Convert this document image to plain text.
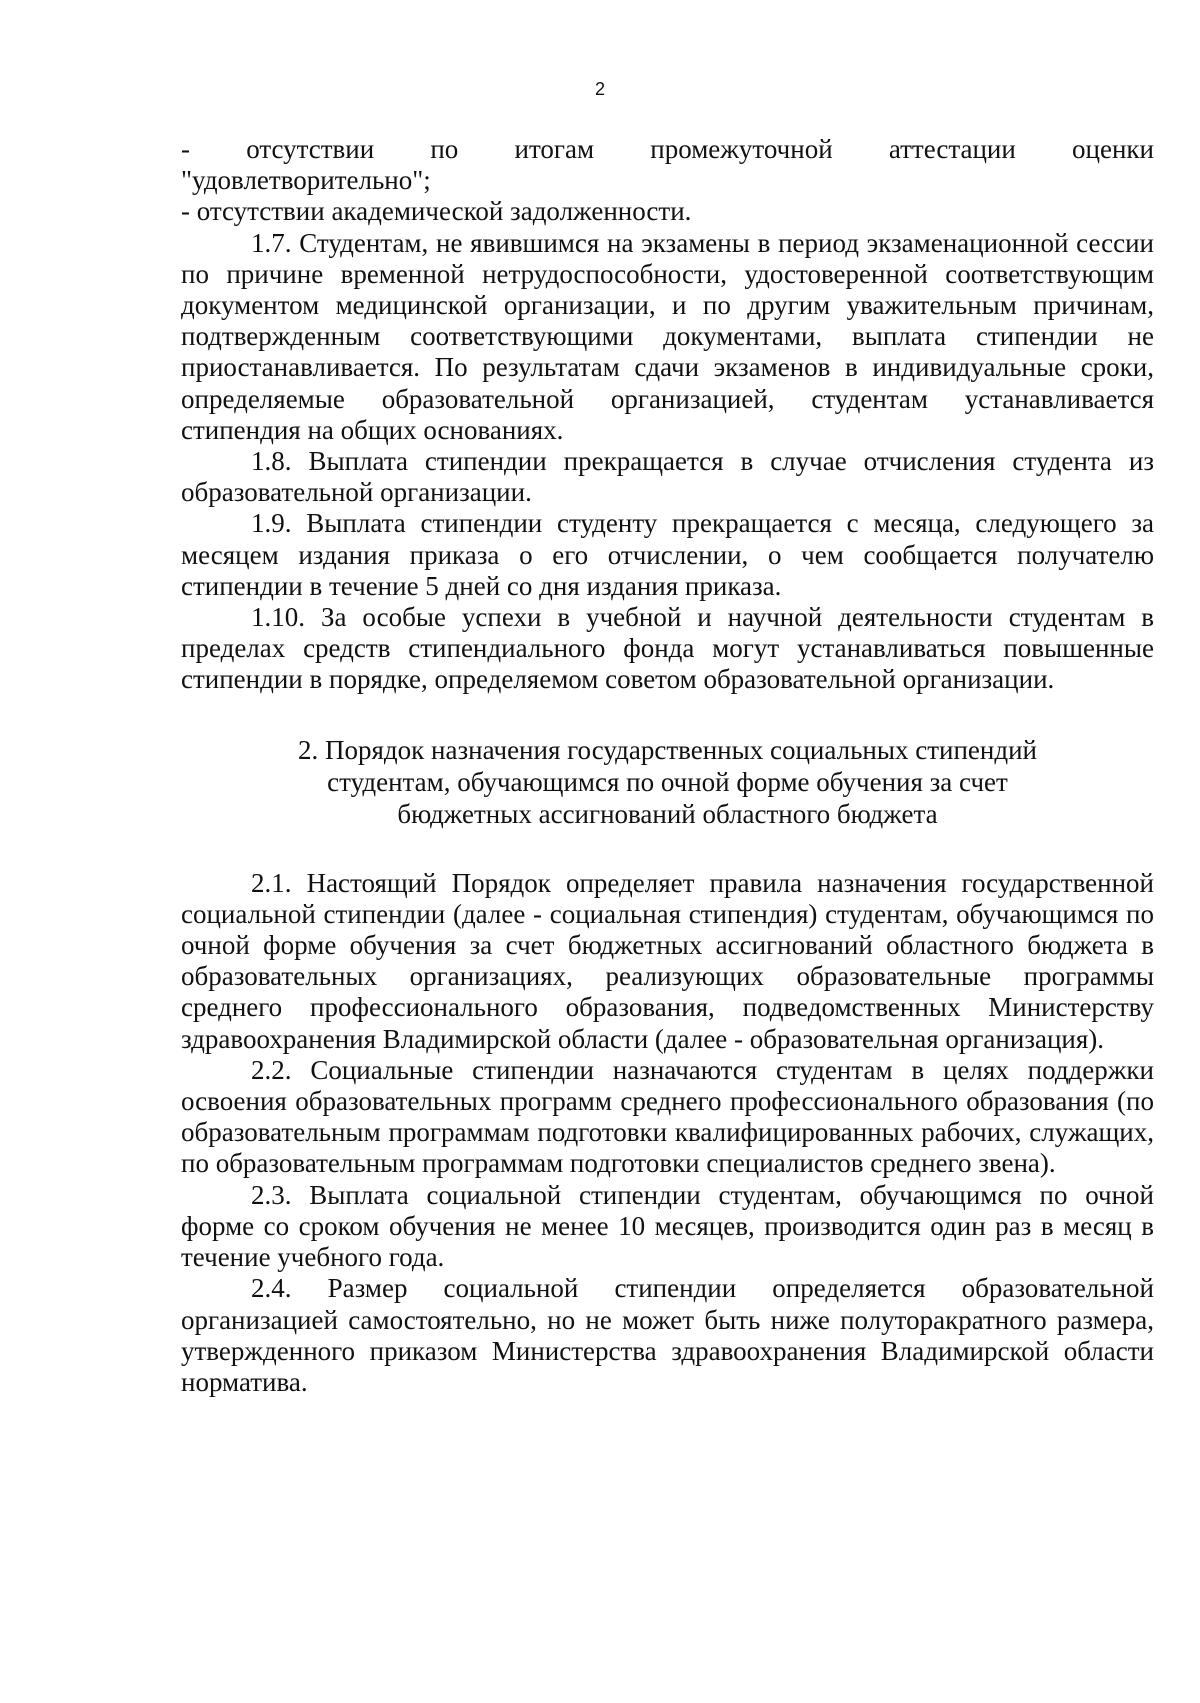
2

- отсутствии по итогам промежуточной аттестации оценки

"удовлетворительно";

- отсутствии академической задолженности.

1.7. Студентам, не явившимся на экзамены в период экзаменационной сессии по причине временной нетрудоспособности, удостоверенной соответствующим документом медицинской организации, и по другим уважительным причинам, подтвержденным соответствующими документами, выплата стипендии не приостанавливается. По результатам сдачи экзаменов в индивидуальные сроки, определяемые образовательной организацией, студентам устанавливается стипендия на общих основаниях.

1.8. Выплата стипендии прекращается в случае отчисления студента из образовательной организации.

1.9. Выплата стипендии студенту прекращается с месяца, следующего за месяцем издания приказа о его отчислении, о чем сообщается получателю стипендии в течение 5 дней со дня издания приказа.

1.10. За особые успехи в учебной и научной деятельности студентам в пределах средств стипендиального фонда могут устанавливаться повышенные стипендии в порядке, определяемом советом образовательной организации.

2. Порядок назначения государственных социальных стипендий
студентам, обучающимся по очной форме обучения за счет
бюджетных ассигнований областного бюджета

2.1. Настоящий Порядок определяет правила назначения государственной социальной стипендии (далее - социальная стипендия) студентам, обучающимся по очной форме обучения за счет бюджетных ассигнований областного бюджета в образовательных организациях, реализующих образовательные программы среднего профессионального образования, подведомственных Министерству здравоохранения Владимирской области (далее - образовательная организация).

2.2. Социальные стипендии назначаются студентам в целях поддержки освоения образовательных программ среднего профессионального образования (по образовательным программам подготовки квалифицированных рабочих, служащих, по образовательным программам подготовки специалистов среднего звена).

2.3. Выплата социальной стипендии студентам, обучающимся по очной форме со сроком обучения не менее 10 месяцев, производится один раз в месяц в течение учебного года.

2.4. Размер социальной стипендии определяется образовательной организацией самостоятельно, но не может быть ниже полуторакратного размера, утвержденного приказом Министерства здравоохранения Владимирской области норматива.
